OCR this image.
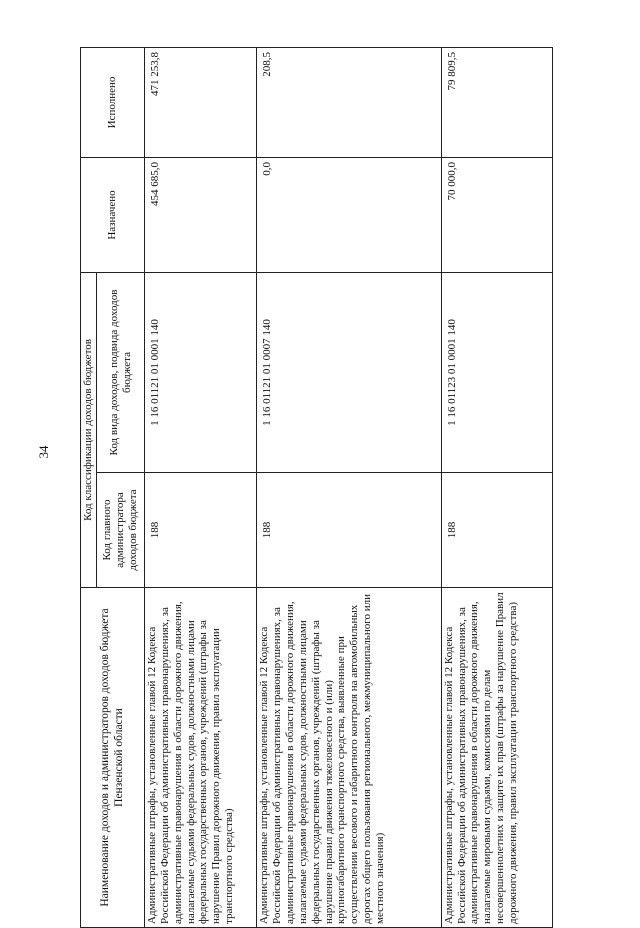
34
Наименование доходов и администраторов доходов бюджета Пензенской области	Код классификации доходов бюджетов		Назначено	Исполнено
	Код главного администратора доходов бюджета	Код вида доходов, подвида доходов бюджета		
Административные штрафы, установленные главой 12 Кодекса Российской Федерации об административных правонарушениях, за административные правонарушения в области дорожного движения, налагаемые судьями федеральных судов, должностными лицами федеральных государственных органов, учреждений (штрафы за нарушение Правил дорожного движения, правил эксплуатации транспортного средства)	188	1 16 01121 01 0001 140	454 685,0	471 253,8
Административные штрафы, установленные главой 12 Кодекса Российской Федерации об административных правонарушениях, за административные правонарушения в области дорожного движения, налагаемые судьями федеральных судов, должностными лицами федеральных государственных органов, учреждений (штрафы за нарушение правил движения тяжеловесного и (или) крупногабаритного транспортного средства, выявленные при осуществлении весового и габаритного контроля на автомобильных дорогах общего пользования регионального, межмуниципального или местного значения)	188	1 16 01121 01 0007 140	0,0	208,5
Административные штрафы, установленные главой 12 Кодекса Российской Федерации об административных правонарушениях, за административные правонарушения в области дорожного движения, налагаемые мировыми судьями, комиссиями по делам несовершеннолетних и защите их прав (штрафы за нарушение Правил дорожного движения, правил эксплуатации транспортного средства)	188	1 16 01123 01 0001 140	70 000,0	79 809,5
